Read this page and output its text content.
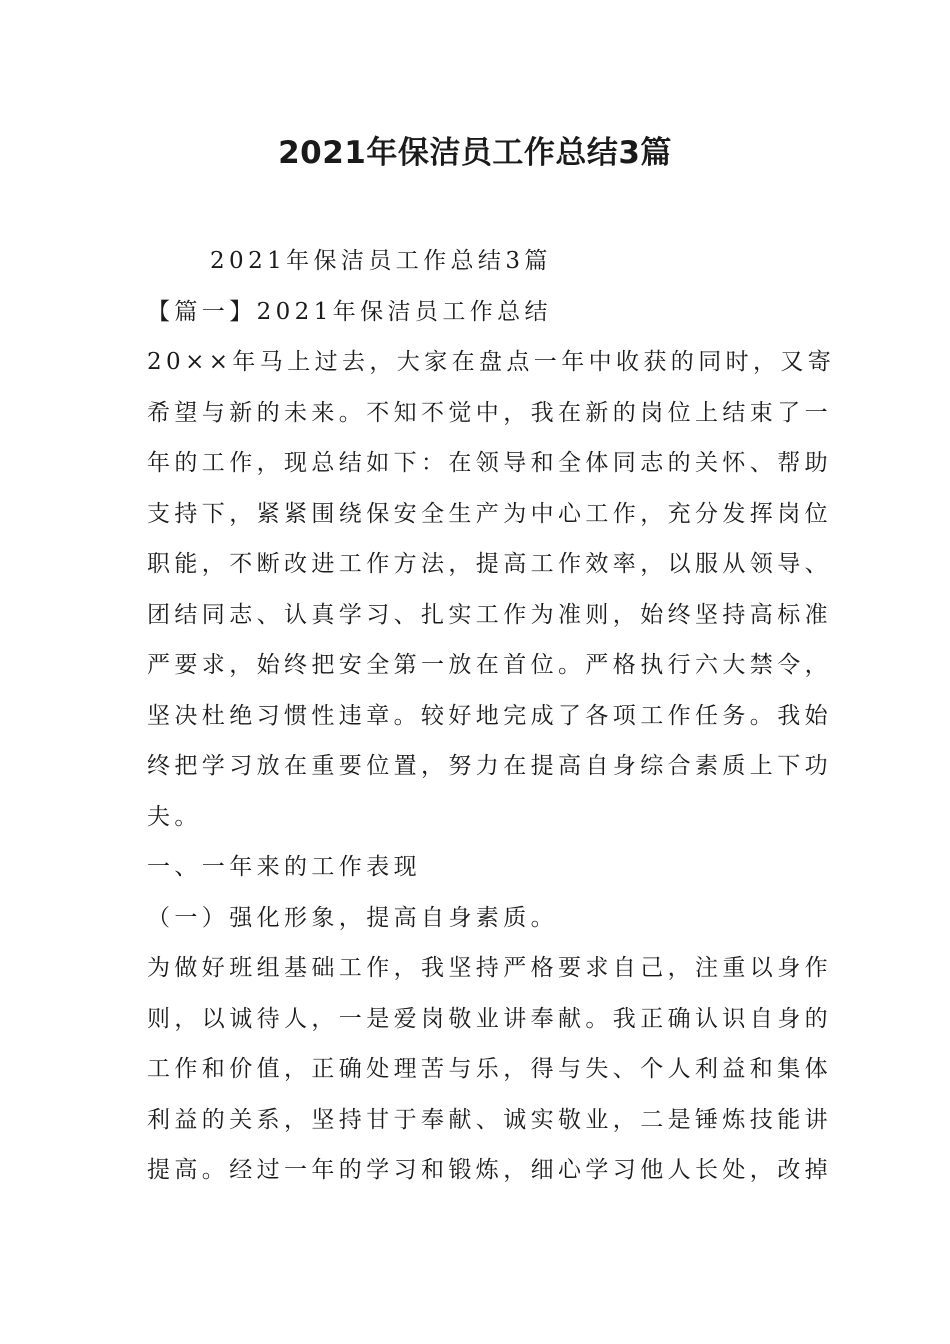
2021年保洁员工作总结3篇

2021年保洁员工作总结3篇

【篇一】2021年保洁员工作总结

20××年马上过去，大家在盘点一年中收获的同时，又寄

希望与新的未来。不知不觉中，我在新的岗位上结束了一

年的工作，现总结如下：在领导和全体同志的关怀、帮助

支持下，紧紧围绕保安全生产为中心工作，充分发挥岗位

职能，不断改进工作方法，提高工作效率，以服从领导、

团结同志、认真学习、扎实工作为准则，始终坚持高标准

严要求，始终把安全第一放在首位。严格执行六大禁令，

坚决杜绝习惯性违章。较好地完成了各项工作任务。我始

终把学习放在重要位置，努力在提高自身综合素质上下功

夫。

一、一年来的工作表现

（一）强化形象，提高自身素质。

为做好班组基础工作，我坚持严格要求自己，注重以身作

则，以诚待人，一是爱岗敬业讲奉献。我正确认识自身的

工作和价值，正确处理苦与乐，得与失、个人利益和集体

利益的关系，坚持甘于奉献、诚实敬业，二是锤炼技能讲

提高。经过一年的学习和锻炼，细心学习他人长处，改掉
